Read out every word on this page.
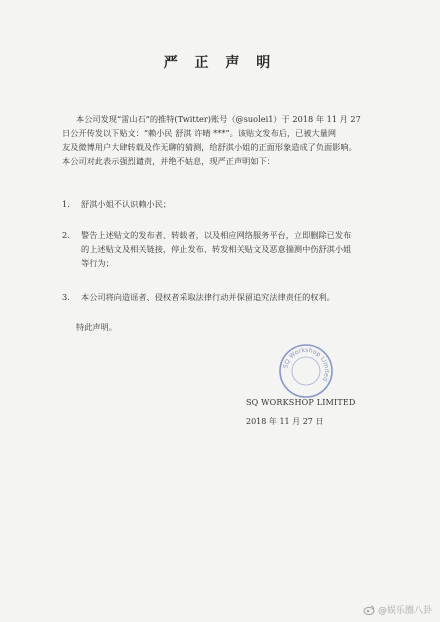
严 正 声 明
本公司发现“雷山石”的推特(Twitter)账号（@suolei1）于 2018 年 11 月 27
日公开传发以下贴文：“赖小民 舒淇 许晴 ***”。该贴文发布后，已被大量网
友及微博用户大肆转载及作无聊的猜测，给舒淇小姐的正面形象造成了负面影响。
本公司对此表示强烈谴责，并绝不姑息，现严正声明如下：
1.	舒淇小姐不认识赖小民；
2.	警告上述贴文的发布者、转载者，以及相应网络服务平台，立即删除已发布
的上述贴文及相关链接，停止发布、转发相关贴文及恶意揣测中伤舒淇小姐
等行为；
3.	本公司将向造谣者、侵权者采取法律行动并保留追究法律责任的权利。
特此声明。
SQ Workshop Limited
SQ WORKSHOP LIMITED
2018 年 11 月 27 日
@娱乐圈八卦
